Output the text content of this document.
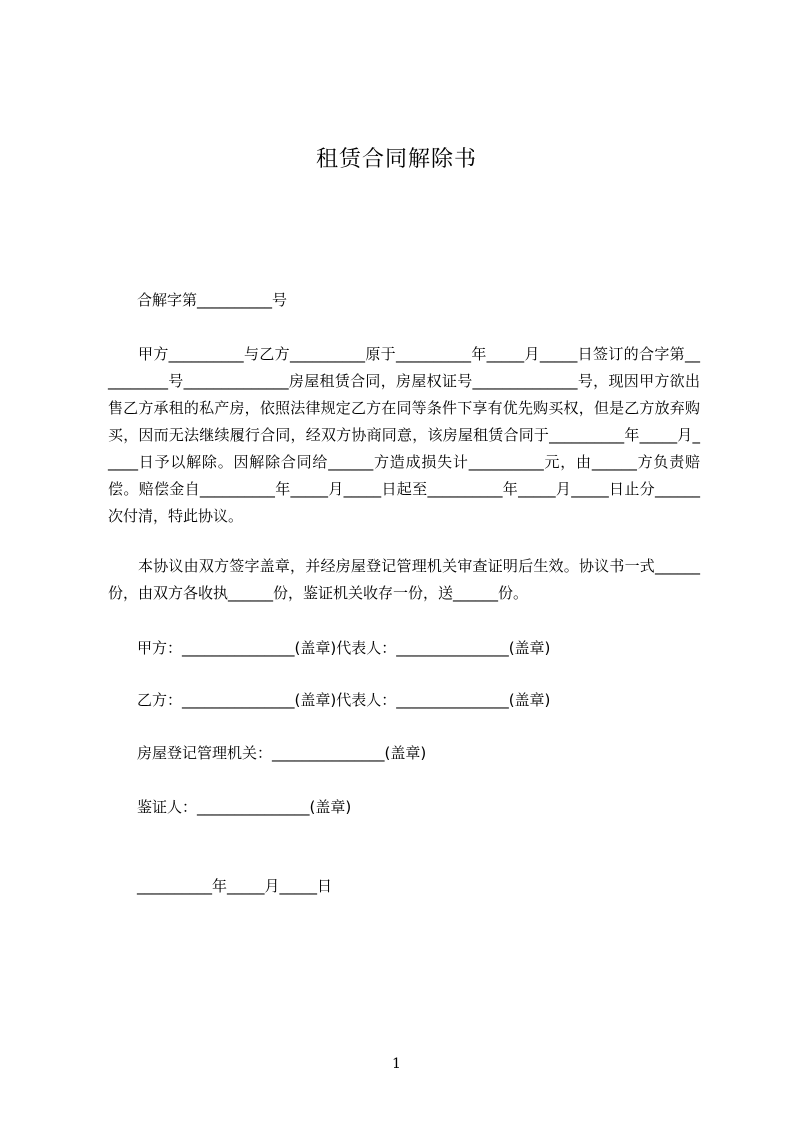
租赁合同解除书
合解字第__________号
甲方__________与乙方__________原于__________年_____月_____日签订的合字第__________号______________房屋租赁合同，房屋权证号______________号，现因甲方欲出售乙方承租的私产房，依照法律规定乙方在同等条件下享有优先购买权，但是乙方放弃购买，因而无法继续履行合同，经双方协商同意，该房屋租赁合同于__________年_____月_____日予以解除。因解除合同给______方造成损失计__________元，由______方负责赔偿。赔偿金自__________年_____月_____日起至__________年_____月_____日止分______次付清，特此协议。
本协议由双方签字盖章，并经房屋登记管理机关审查证明后生效。协议书一式______份，由双方各收执______份，鉴证机关收存一份，送______份。
甲方：_______________(盖章)代表人：_______________(盖章)
乙方：_______________(盖章)代表人：_______________(盖章)
房屋登记管理机关：_______________(盖章)
鉴证人：_______________(盖章)
__________年_____月_____日
1
